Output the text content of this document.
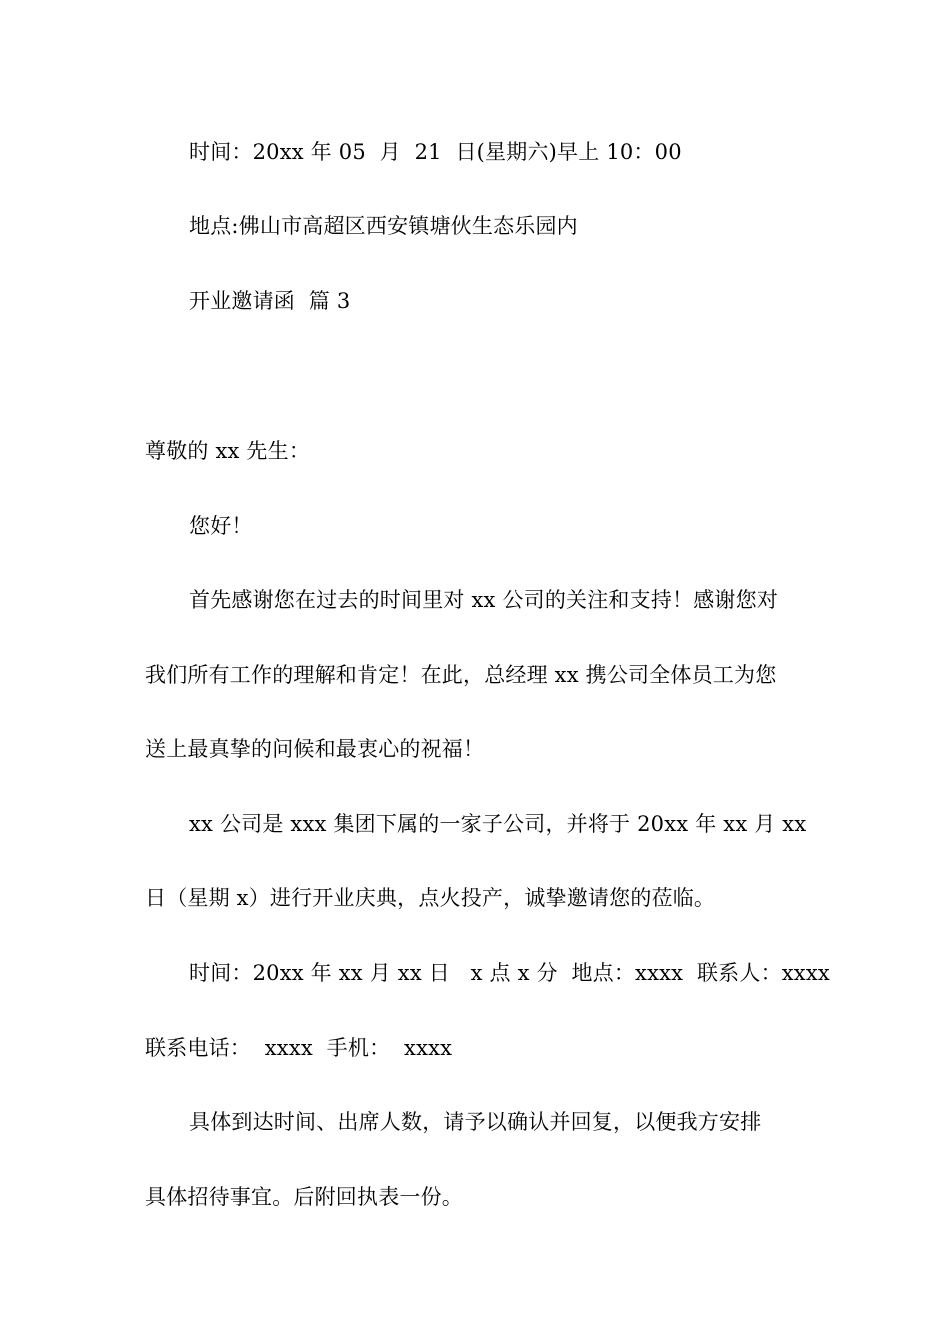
时间：20xx 年 05  月  21  日(星期六)早上 10：00

地点:佛山市高超区西安镇塘伙生态乐园内

开业邀请函  篇 3

尊敬的 xx 先生：

您好！

首先感谢您在过去的时间里对 xx 公司的关注和支持！感谢您对

我们所有工作的理解和肯定！在此，总经理 xx 携公司全体员工为您

送上最真挚的问候和最衷心的祝福！

xx 公司是 xxx 集团下属的一家子公司，并将于 20xx 年 xx 月 xx

日（星期 x）进行开业庆典，点火投产，诚挚邀请您的莅临。

时间：20xx 年 xx 月 xx 日   x 点 x 分  地点：xxxx  联系人：xxxx

联系电话：  xxxx  手机：  xxxx

具体到达时间、出席人数，请予以确认并回复，以便我方安排

具体招待事宜。后附回执表一份。
